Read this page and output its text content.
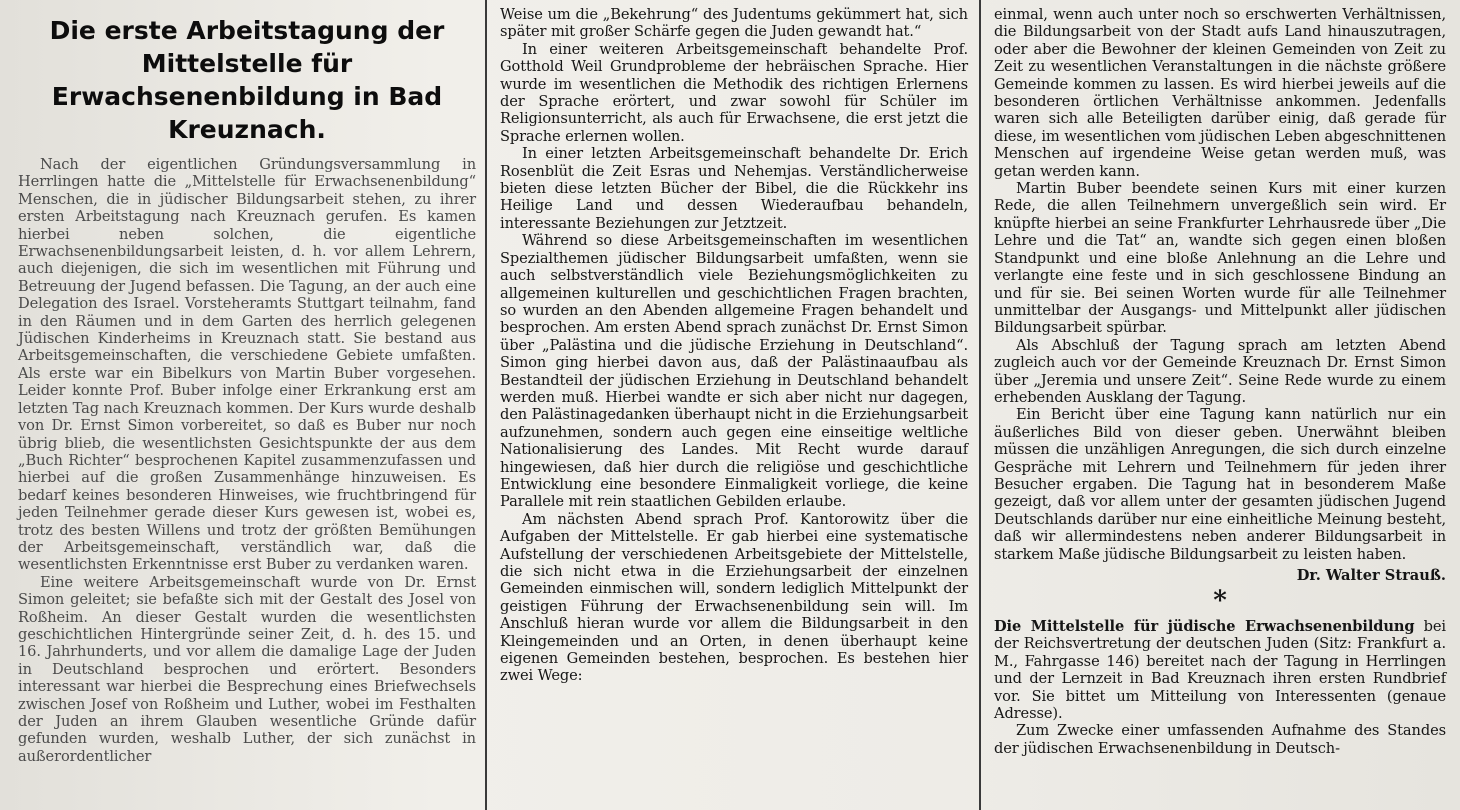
Die erste Arbeitstagung der Mittelstelle für Erwachsenenbildung in Bad Kreuznach.

Nach der eigentlichen Gründungsversammlung in Herrlingen hatte die „Mittelstelle für Erwachsenenbildung“ Menschen, die in jüdischer Bildungsarbeit stehen, zu ihrer ersten Arbeitstagung nach Kreuznach gerufen. Es kamen hierbei neben solchen, die eigentliche Erwachsenenbildungsarbeit leisten, d. h. vor allem Lehrern, auch diejenigen, die sich im wesentlichen mit Führung und Betreuung der Jugend befassen. Die Tagung, an der auch eine Delegation des Israel. Vorsteheramts Stuttgart teilnahm, fand in den Räumen und in dem Garten des herrlich gelegenen Jüdischen Kinderheims in Kreuznach statt. Sie bestand aus Arbeitsgemeinschaften, die verschiedene Gebiete umfaßten. Als erste war ein Bibelkurs von Martin Buber vorgesehen. Leider konnte Prof. Buber infolge einer Erkrankung erst am letzten Tag nach Kreuznach kommen. Der Kurs wurde deshalb von Dr. Ernst Simon vorbereitet, so daß es Buber nur noch übrig blieb, die wesentlichsten Gesichtspunkte der aus dem „Buch Richter“ besprochenen Kapitel zusammenzufassen und hierbei auf die großen Zusammenhänge hinzuweisen. Es bedarf keines besonderen Hinweises, wie fruchtbringend für jeden Teilnehmer gerade dieser Kurs gewesen ist, wobei es, trotz des besten Willens und trotz der größten Bemühungen der Arbeitsgemeinschaft, verständlich war, daß die wesentlichsten Erkenntnisse erst Buber zu verdanken waren.

Eine weitere Arbeitsgemeinschaft wurde von Dr. Ernst Simon geleitet; sie befaßte sich mit der Gestalt des Josel von Roßheim. An dieser Gestalt wurden die wesentlichsten geschichtlichen Hintergründe seiner Zeit, d. h. des 15. und 16. Jahrhunderts, und vor allem die damalige Lage der Juden in Deutschland besprochen und erörtert. Besonders interessant war hierbei die Besprechung eines Briefwechsels zwischen Josef von Roßheim und Luther, wobei im Festhalten der Juden an ihrem Glauben wesentliche Gründe dafür gefunden wurden, weshalb Luther, der sich zunächst in außerordentlicher

Weise um die „Bekehrung“ des Judentums gekümmert hat, sich später mit großer Schärfe gegen die Juden gewandt hat.“

In einer weiteren Arbeitsgemeinschaft behandelte Prof. Gotthold Weil Grundprobleme der hebräischen Sprache. Hier wurde im wesentlichen die Methodik des richtigen Erlernens der Sprache erörtert, und zwar sowohl für Schüler im Religionsunterricht, als auch für Erwachsene, die erst jetzt die Sprache erlernen wollen.

In einer letzten Arbeitsgemeinschaft behandelte Dr. Erich Rosenblüt die Zeit Esras und Nehemjas. Verständlicherweise bieten diese letzten Bücher der Bibel, die die Rückkehr ins Heilige Land und dessen Wiederaufbau behandeln, interessante Beziehungen zur Jetztzeit.

Während so diese Arbeitsgemeinschaften im wesentlichen Spezialthemen jüdischer Bildungsarbeit umfaßten, wenn sie auch selbstverständlich viele Beziehungsmöglichkeiten zu allgemeinen kulturellen und geschichtlichen Fragen brachten, so wurden an den Abenden allgemeine Fragen behandelt und besprochen. Am ersten Abend sprach zunächst Dr. Ernst Simon über „Palästina und die jüdische Erziehung in Deutschland“. Simon ging hierbei davon aus, daß der Palästinaaufbau als Bestandteil der jüdischen Erziehung in Deutschland behandelt werden muß. Hierbei wandte er sich aber nicht nur dagegen, den Palästinagedanken überhaupt nicht in die Erziehungsarbeit aufzunehmen, sondern auch gegen eine einseitige weltliche Nationalisierung des Landes. Mit Recht wurde darauf hingewiesen, daß hier durch die religiöse und geschichtliche Entwicklung eine besondere Einmaligkeit vorliege, die keine Parallele mit rein staatlichen Gebilden erlaube.

Am nächsten Abend sprach Prof. Kantorowitz über die Aufgaben der Mittelstelle. Er gab hierbei eine systematische Aufstellung der verschiedenen Arbeitsgebiete der Mittelstelle, die sich nicht etwa in die Erziehungsarbeit der einzelnen Gemeinden einmischen will, sondern lediglich Mittelpunkt der geistigen Führung der Erwachsenenbildung sein will. Im Anschluß hieran wurde vor allem die Bildungsarbeit in den Kleingemeinden und an Orten, in denen überhaupt keine eigenen Gemeinden bestehen, besprochen. Es bestehen hier zwei Wege:

einmal, wenn auch unter noch so erschwerten Verhältnissen, die Bildungsarbeit von der Stadt aufs Land hinauszutragen, oder aber die Bewohner der kleinen Gemeinden von Zeit zu Zeit zu wesentlichen Veranstaltungen in die nächste größere Gemeinde kommen zu lassen. Es wird hierbei jeweils auf die besonderen örtlichen Verhältnisse ankommen. Jedenfalls waren sich alle Beteiligten darüber einig, daß gerade für diese, im wesentlichen vom jüdischen Leben abgeschnittenen Menschen auf irgendeine Weise getan werden muß, was getan werden kann.

Martin Buber beendete seinen Kurs mit einer kurzen Rede, die allen Teilnehmern unvergeßlich sein wird. Er knüpfte hierbei an seine Frankfurter Lehrhausrede über „Die Lehre und die Tat“ an, wandte sich gegen einen bloßen Standpunkt und eine bloße Anlehnung an die Lehre und verlangte eine feste und in sich geschlossene Bindung an und für sie. Bei seinen Worten wurde für alle Teilnehmer unmittelbar der Ausgangs- und Mittelpunkt aller jüdischen Bildungsarbeit spürbar.

Als Abschluß der Tagung sprach am letzten Abend zugleich auch vor der Gemeinde Kreuznach Dr. Ernst Simon über „Jeremia und unsere Zeit“. Seine Rede wurde zu einem erhebenden Ausklang der Tagung.

Ein Bericht über eine Tagung kann natürlich nur ein äußerliches Bild von dieser geben. Unerwähnt bleiben müssen die unzähligen Anregungen, die sich durch einzelne Gespräche mit Lehrern und Teilnehmern für jeden ihrer Besucher ergaben. Die Tagung hat in besonderem Maße gezeigt, daß vor allem unter der gesamten jüdischen Jugend Deutschlands darüber nur eine einheitliche Meinung besteht, daß wir allermindestens neben anderer Bildungsarbeit in starkem Maße jüdische Bildungsarbeit zu leisten haben.

Dr. Walter Strauß.

*

Die Mittelstelle für jüdische Erwachsenenbildung bei der Reichsvertretung der deutschen Juden (Sitz: Frankfurt a. M., Fahrgasse 146) bereitet nach der Tagung in Herrlingen und der Lernzeit in Bad Kreuznach ihren ersten Rundbrief vor. Sie bittet um Mitteilung von Interessenten (genaue Adresse).

Zum Zwecke einer umfassenden Aufnahme des Standes der jüdischen Erwachsenenbildung in Deutsch-
